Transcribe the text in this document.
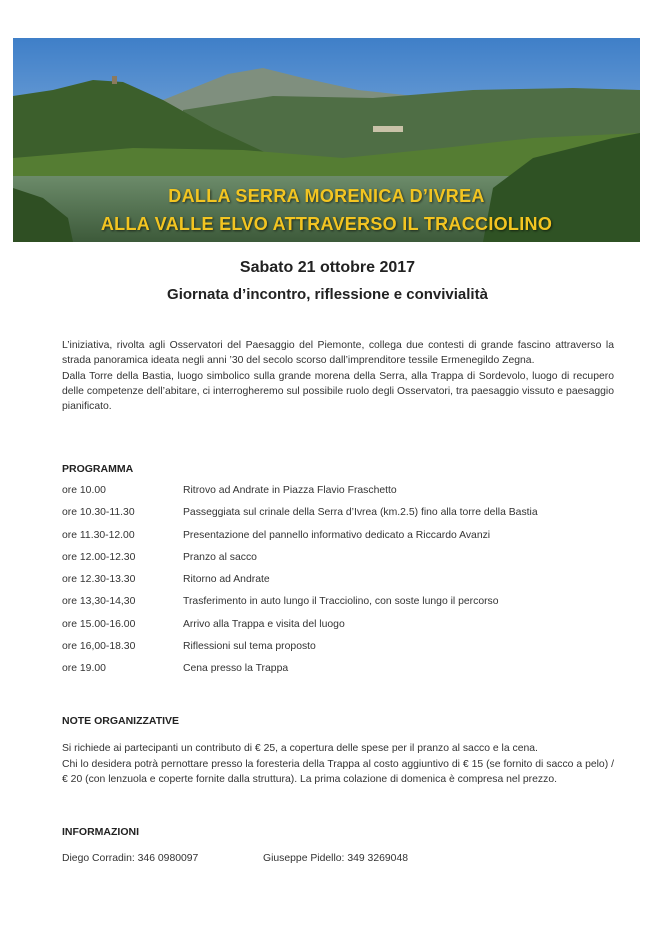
DALLA SERRA MORENICA D’IVREA
ALLA VALLE ELVO ATTRAVERSO IL TRACCIOLINO
Sabato 21 ottobre 2017
Giornata d’incontro, riflessione e convivialità

L’iniziativa, rivolta agli Osservatori del Paesaggio del Piemonte, collega due contesti di grande fascino attraverso la strada panoramica ideata negli anni ’30 del secolo scorso dall’imprenditore tessile Ermenegildo Zegna.

Dalla Torre della Bastia, luogo simbolico sulla grande morena della Serra, alla Trappa di Sordevolo, luogo di recupero delle competenze dell’abitare, ci interrogheremo sul possibile ruolo degli Osservatori, tra paesaggio vissuto e paesaggio pianificato.

PROGRAMMA
ore 10.00	Ritrovo ad Andrate in Piazza Flavio Fraschetto
ore 10.30-11.30	Passeggiata sul crinale della Serra d’Ivrea (km.2.5) fino alla torre della Bastia
ore 11.30-12.00	Presentazione del pannello informativo dedicato a Riccardo Avanzi
ore 12.00-12.30	Pranzo al sacco
ore 12.30-13.30	Ritorno ad Andrate
ore 13,30-14,30	Trasferimento in auto lungo il Tracciolino, con soste lungo il percorso
ore 15.00-16.00	Arrivo alla Trappa e visita del luogo
ore 16,00-18.30	Riflessioni sul tema proposto
ore 19.00	Cena presso la Trappa
NOTE ORGANIZZATIVE

Si richiede ai partecipanti un contributo di € 25, a copertura delle spese per il pranzo al sacco e la cena.

Chi lo desidera potrà pernottare presso la foresteria della Trappa al costo aggiuntivo di € 15 (se fornito di sacco a pelo) / € 20 (con lenzuola e coperte fornite dalla struttura). La prima colazione di domenica è compresa nel prezzo.

INFORMAZIONI
Diego Corradin: 346 0980097	Giuseppe Pidello: 349 3269048
